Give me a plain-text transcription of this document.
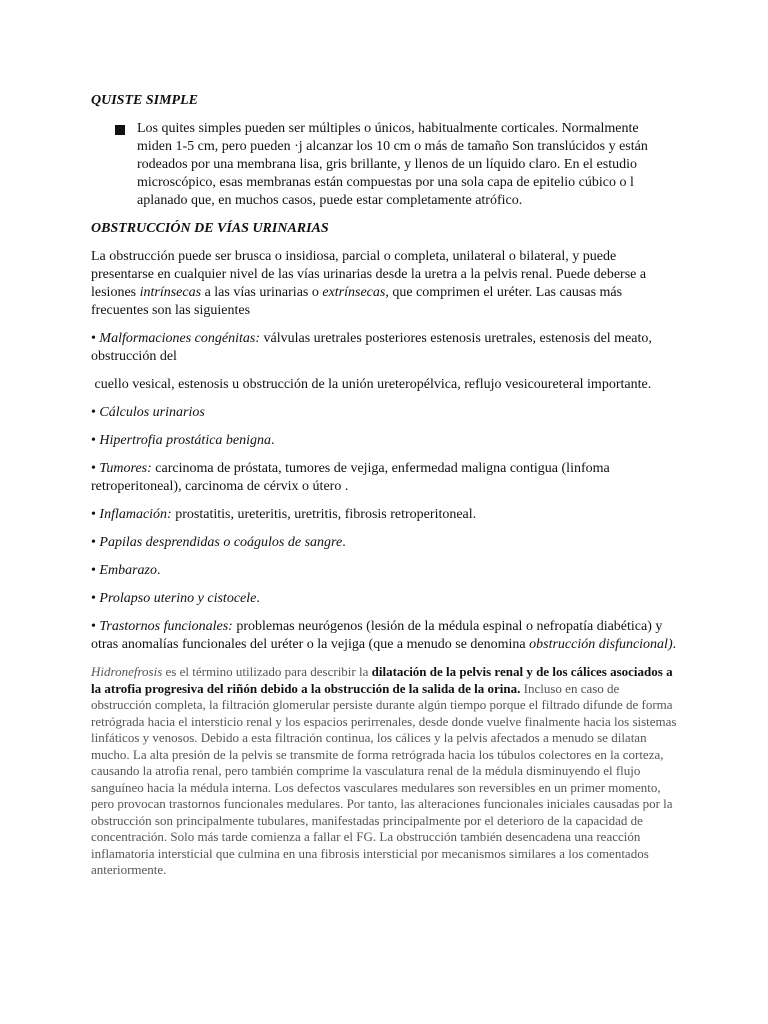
QUISTE SIMPLE

Los quites simples pueden ser múltiples o únicos, habitualmente corticales. Normalmente miden 1-5 cm, pero pueden ·j alcanzar los 10 cm o más de tamaño Son translúcidos y están rodeados por una membrana lisa, gris brillante, y llenos de un líquido claro. En el estudio microscópico, esas membranas están compuestas por una sola capa de epitelio cúbico o l aplanado que, en muchos casos, puede estar completamente atrófico.

OBSTRUCCIÓN DE VÍAS URINARIAS

La obstrucción puede ser brusca o insidiosa, parcial o completa, unilateral o bilateral, y puede presentarse en cualquier nivel de las vías urinarias desde la uretra a la pelvis renal. Puede deberse a lesiones intrínsecas a las vías urinarias o extrínsecas, que comprimen el uréter. Las causas más frecuentes son las siguientes

• Malformaciones congénitas: válvulas uretrales posteriores estenosis uretrales, estenosis del meato, obstrucción del

cuello vesical, estenosis u obstrucción de la unión ureteropélvica, reflujo vesicoureteral importante.

• Cálculos urinarios

• Hipertrofia prostática benigna.

• Tumores: carcinoma de próstata, tumores de vejiga, enfermedad maligna contigua (linfoma retroperitoneal), carcinoma de cérvix o útero .

• Inflamación: prostatitis, ureteritis, uretritis, fibrosis retroperitoneal.

• Papilas desprendidas o coágulos de sangre.

• Embarazo.

• Prolapso uterino y cistocele.

• Trastornos funcionales: problemas neurógenos (lesión de la médula espinal o nefropatía diabética) y otras anomalías funcionales del uréter o la vejiga (que a menudo se denomina obstrucción disfuncional).

Hidronefrosis es el término utilizado para describir la dilatación de la pelvis renal y de los cálices asociados a la atrofia progresiva del riñón debido a la obstrucción de la salida de la orina. Incluso en caso de obstrucción completa, la filtración glomerular persiste durante algún tiempo porque el filtrado difunde de forma retrógrada hacia el intersticio renal y los espacios perirrenales, desde donde vuelve finalmente hacia los sistemas linfáticos y venosos. Debido a esta filtración continua, los cálices y la pelvis afectados a menudo se dilatan mucho. La alta presión de la pelvis se transmite de forma retrógrada hacia los túbulos colectores en la corteza, causando la atrofia renal, pero también comprime la vasculatura renal de la médula disminuyendo el flujo sanguíneo hacia la médula interna. Los defectos vasculares medulares son reversibles en un primer momento, pero provocan trastornos funcionales medulares. Por tanto, las alteraciones funcionales iniciales causadas por la obstrucción son principalmente tubulares, manifestadas principalmente por el deterioro de la capacidad de concentración. Solo más tarde comienza a fallar el FG. La obstrucción también desencadena una reacción inflamatoria intersticial que culmina en una fibrosis intersticial por mecanismos similares a los comentados anteriormente.
